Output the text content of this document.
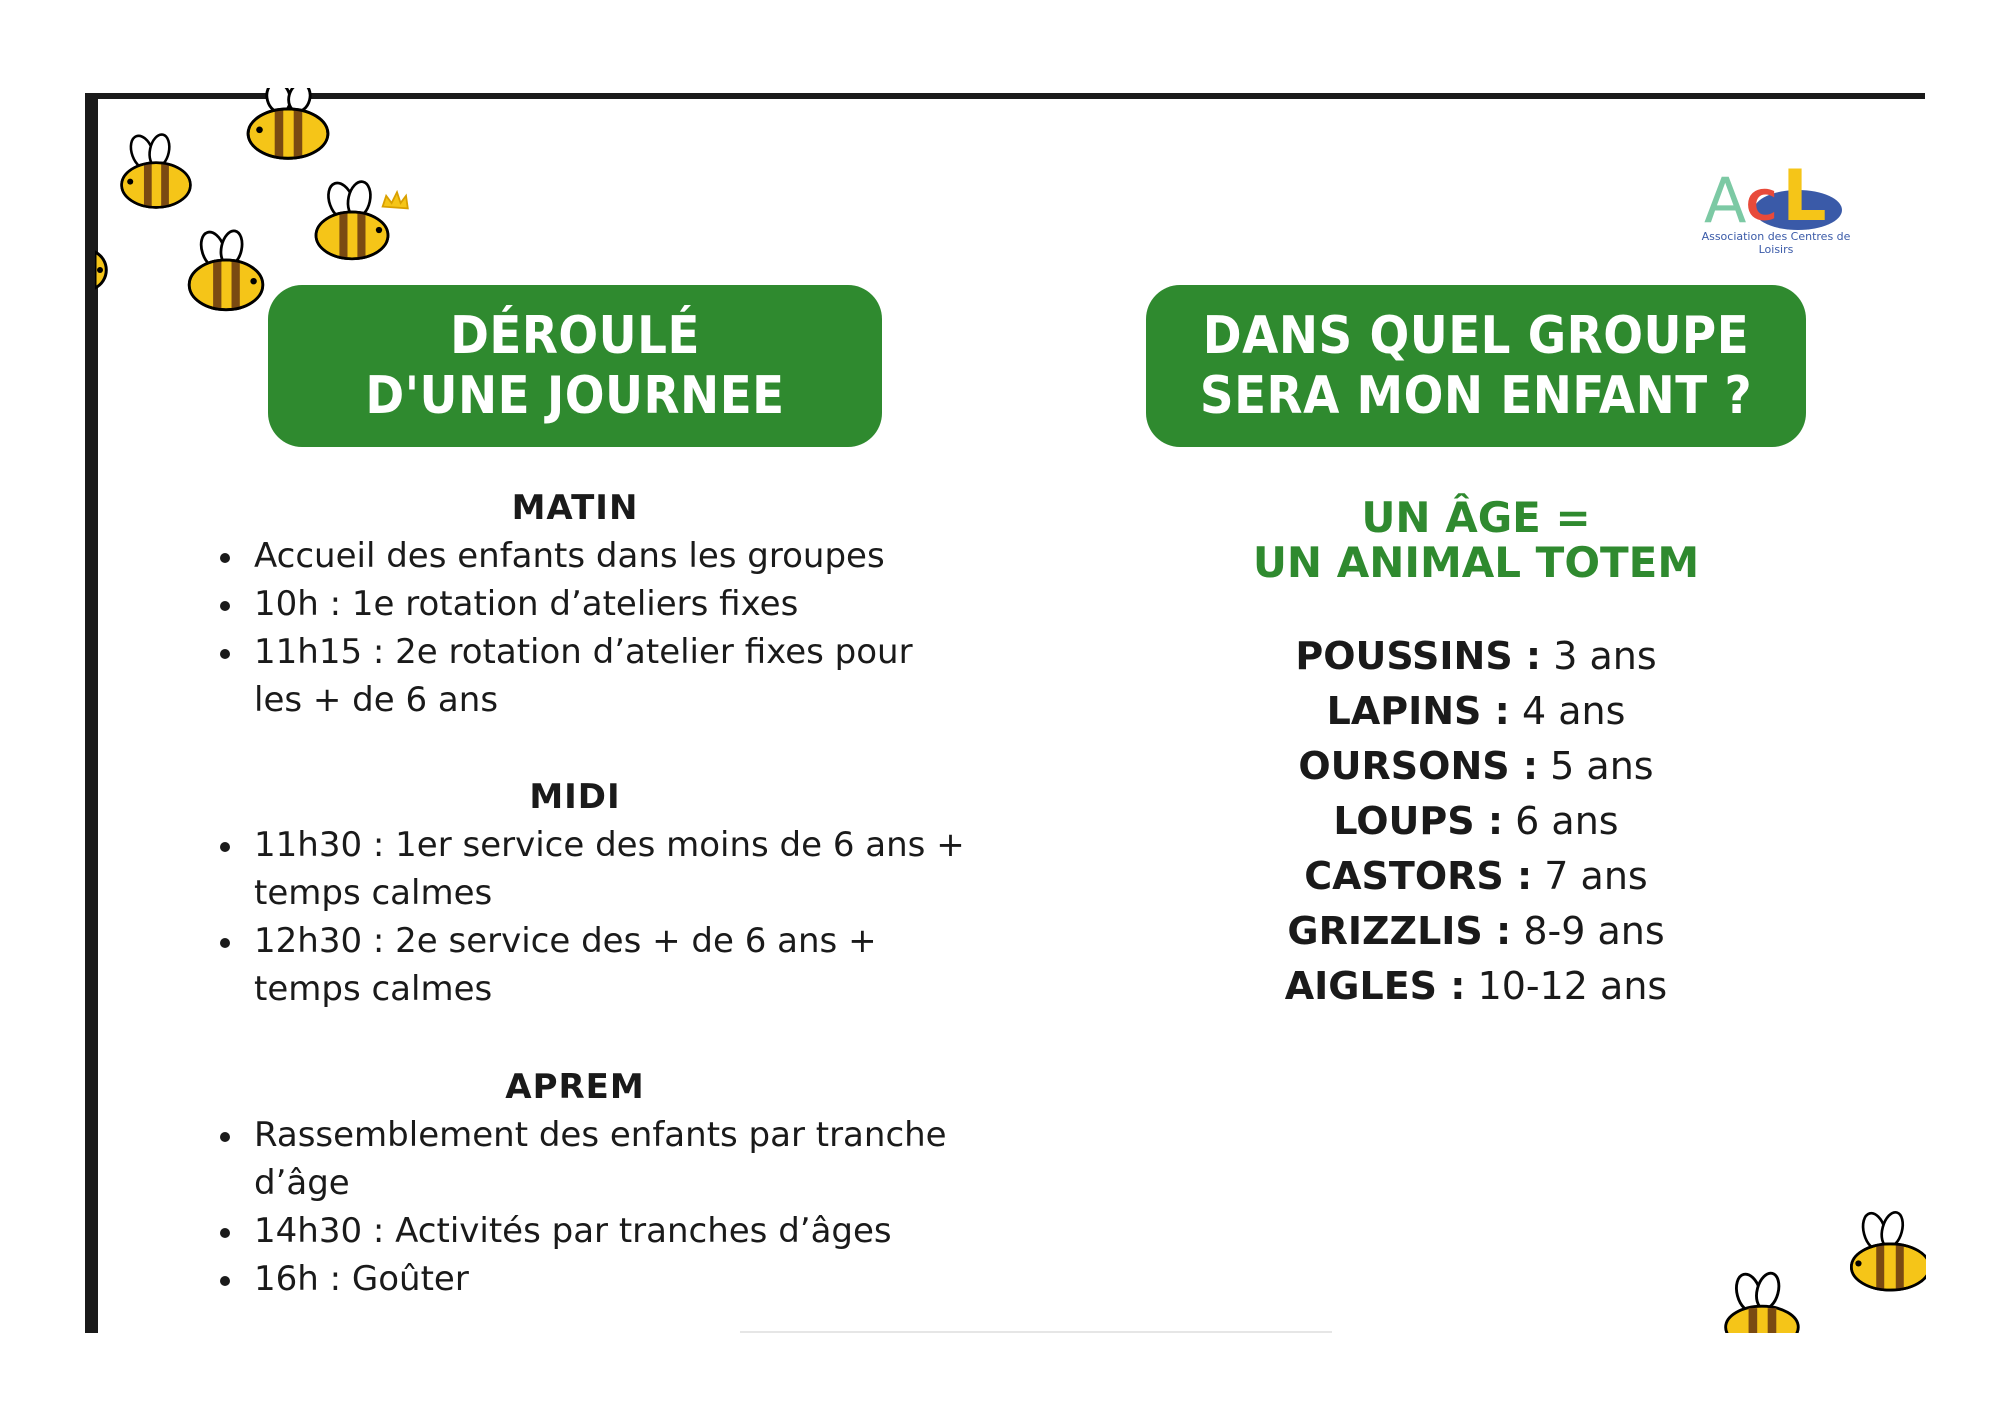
A C L
Association des Centres de Loisirs
DÉROULÉ
D'UNE JOURNEE
DANS QUEL GROUPE
SERA MON ENFANT ?
MATIN
Accueil des enfants dans les groupes
10h : 1e rotation d’ateliers fixes
11h15 : 2e rotation d’atelier fixes pour les + de 6 ans
MIDI
11h30 : 1er service des moins de 6 ans + temps calmes
12h30 : 2e service des + de 6 ans + temps calmes
APREM
Rassemblement des enfants par tranche d’âge
14h30 : Activités par tranches d’âges
16h : Goûter
UN ÂGE =
UN ANIMAL TOTEM
POUSSINS : 3 ans
LAPINS : 4 ans
OURSONS : 5 ans
LOUPS : 6 ans
CASTORS : 7 ans
GRIZZLIS : 8-9 ans
AIGLES : 10-12 ans
